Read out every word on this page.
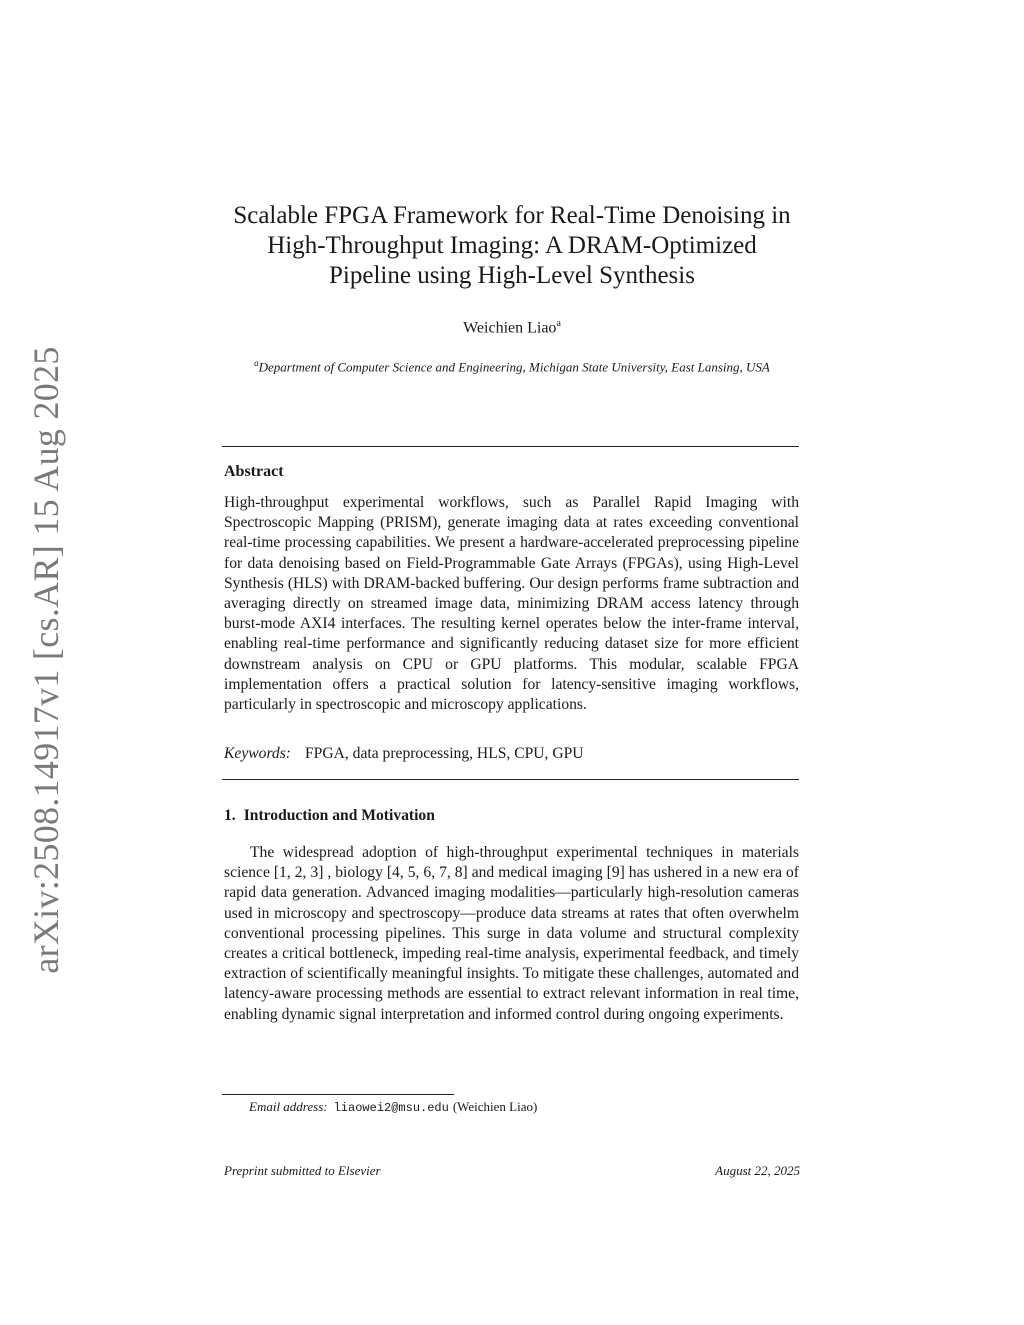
arXiv:2508.14917v1 [cs.AR] 15 Aug 2025
Scalable FPGA Framework for Real-Time Denoising in
High-Throughput Imaging: A DRAM-Optimized
Pipeline using High-Level Synthesis
Weichien Liao$^a$
$^a$Department of Computer Science and Engineering, Michigan State University, East Lansing, USA
Abstract
High-throughput experimental workflows, such as Parallel Rapid Imaging with Spectroscopic Mapping (PRISM), generate imaging data at rates exceeding conventional real-time processing capabilities. We present a hardware-accelerated preprocessing pipeline for data denoising based on Field-Programmable Gate Arrays (FPGAs), using High-Level Synthesis (HLS) with DRAM-backed buffering. Our design performs frame subtraction and averaging directly on streamed image data, minimizing DRAM access latency through burst-mode AXI4 interfaces. The resulting kernel operates below the inter-frame interval, enabling real-time performance and significantly reducing dataset size for more efficient downstream analysis on CPU or GPU platforms. This modular, scalable FPGA implementation offers a practical solution for latency-sensitive imaging workflows, particularly in spectroscopic and microscopy applications.
Keywords: FPGA, data preprocessing, HLS, CPU, GPU
1. Introduction and Motivation
The widespread adoption of high-throughput experimental techniques in materials science [1, 2, 3] , biology [4, 5, 6, 7, 8] and medical imaging [9] has ushered in a new era of rapid data generation. Advanced imaging modalities—particularly high-resolution cameras used in microscopy and spectroscopy—produce data streams at rates that often overwhelm conventional processing pipelines. This surge in data volume and structural complexity creates a critical bottleneck, impeding real-time analysis, experimental feedback, and timely extraction of scientifically meaningful insights. To mitigate these challenges, automated and latency-aware processing methods are essential to extract relevant information in real time, enabling dynamic signal interpretation and informed control during ongoing experiments.
Email address: liaowei2@msu.edu (Weichien Liao)
Preprint submitted to Elsevier	August 22, 2025
